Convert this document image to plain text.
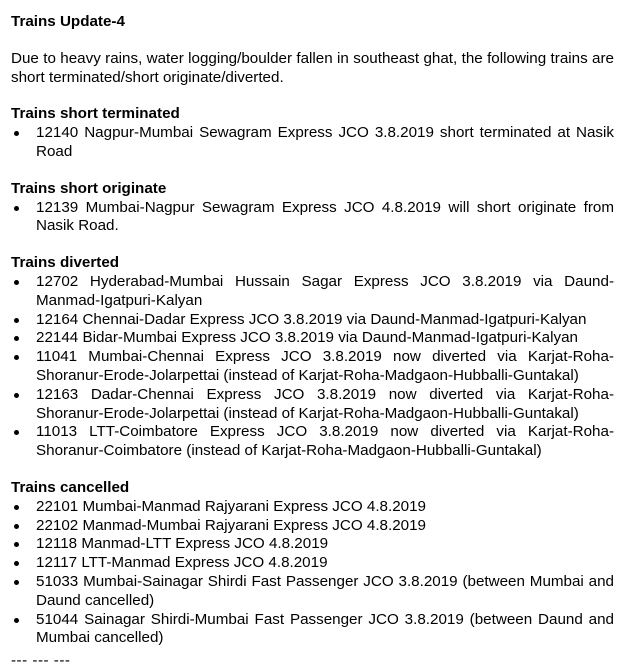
Trains Update-4
Due to heavy rains, water logging/boulder fallen in southeast ghat, the following trains are short terminated/short originate/diverted.
Trains short terminated
12140 Nagpur-Mumbai Sewagram Express JCO 3.8.2019 short terminated at Nasik Road
Trains short originate
12139 Mumbai-Nagpur Sewagram Express JCO 4.8.2019 will short originate from Nasik Road.
Trains diverted
12702 Hyderabad-Mumbai Hussain Sagar Express JCO 3.8.2019 via Daund-Manmad-Igatpuri-Kalyan
12164 Chennai-Dadar Express JCO 3.8.2019 via Daund-Manmad-Igatpuri-Kalyan
22144 Bidar-Mumbai Express JCO 3.8.2019 via Daund-Manmad-Igatpuri-Kalyan
11041 Mumbai-Chennai Express JCO 3.8.2019 now diverted via Karjat-Roha-Shoranur-Erode-Jolarpettai (instead of Karjat-Roha-Madgaon-Hubballi-Guntakal)
12163 Dadar-Chennai Express JCO 3.8.2019 now diverted via Karjat-Roha-Shoranur-Erode-Jolarpettai (instead of Karjat-Roha-Madgaon-Hubballi-Guntakal)
11013 LTT-Coimbatore Express JCO 3.8.2019 now diverted via Karjat-Roha-Shoranur-Coimbatore (instead of Karjat-Roha-Madgaon-Hubballi-Guntakal)
Trains cancelled
22101 Mumbai-Manmad Rajyarani Express JCO 4.8.2019
22102 Manmad-Mumbai Rajyarani Express JCO 4.8.2019
12118 Manmad-LTT Express JCO 4.8.2019
12117 LTT-Manmad Express JCO 4.8.2019
51033 Mumbai-Sainagar Shirdi Fast Passenger JCO 3.8.2019 (between Mumbai and Daund cancelled)
51044 Sainagar Shirdi-Mumbai Fast Passenger JCO 3.8.2019 (between Daund and Mumbai cancelled)
--- --- ---
